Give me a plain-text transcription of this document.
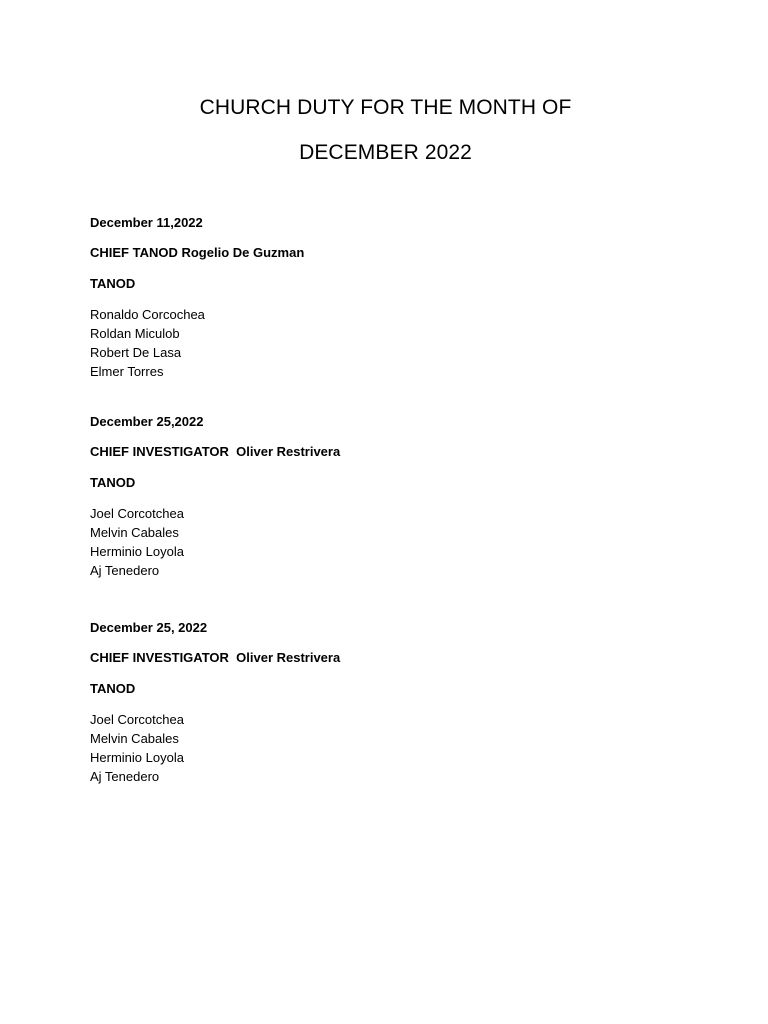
CHURCH DUTY FOR THE MONTH OF
DECEMBER 2022

December 11,2022

CHIEF TANOD Rogelio De Guzman

TANOD

Ronaldo Corcochea
Roldan Miculob
Robert De Lasa
Elmer Torres

December 25,2022

CHIEF INVESTIGATOR  Oliver Restrivera

TANOD

Joel Corcotchea
Melvin Cabales
Herminio Loyola
Aj Tenedero

December 25, 2022

CHIEF INVESTIGATOR  Oliver Restrivera

TANOD

Joel Corcotchea
Melvin Cabales
Herminio Loyola
Aj Tenedero
